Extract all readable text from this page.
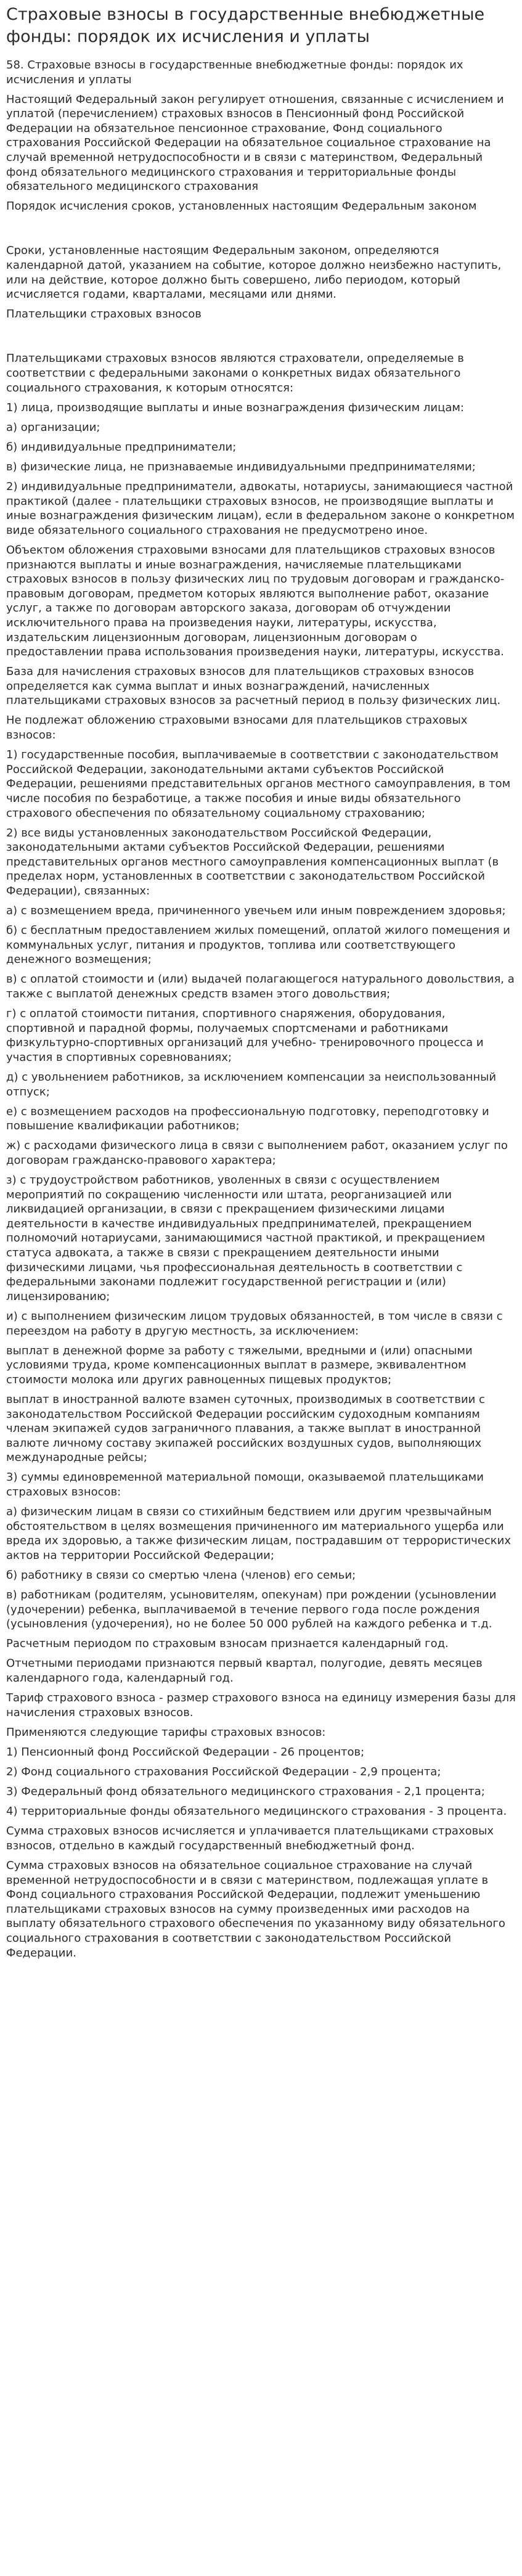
Страховые взносы в государственные внебюджетные фонды: порядок их исчисления и уплаты

58. Страховые взносы в государственные внебюджетные фонды: порядок их исчисления и уплаты

Настоящий Федеральный закон регулирует отношения, связанные с исчислением и уплатой (перечислением) страховых взносов в Пенсионный фонд Российской Федерации на обязательное пенсионное страхование, Фонд социального страхования Российской Федерации на обязательное социальное страхование на случай временной нетрудоспособности и в связи с материнством, Федеральный фонд обязательного медицинского страхования и территориальные фонды обязательного медицинского страхования

Порядок исчисления сроков, установленных настоящим Федеральным законом

Сроки, установленные настоящим Федеральным законом, определяются календарной датой, указанием на событие, которое должно неизбежно наступить, или на действие, которое должно быть совершено, либо периодом, который исчисляется годами, кварталами, месяцами или днями.

Плательщики страховых взносов

Плательщиками страховых взносов являются страхователи, определяемые в соответствии с федеральными законами о конкретных видах обязательного социального страхования, к которым относятся:

1) лица, производящие выплаты и иные вознаграждения физическим лицам:

а) организации;

б) индивидуальные предприниматели;

в) физические лица, не признаваемые индивидуальными предпринимателями;

2) индивидуальные предприниматели, адвокаты, нотариусы, занимающиеся частной практикой (далее - плательщики страховых взносов, не производящие выплаты и иные вознаграждения физическим лицам), если в федеральном законе о конкретном виде обязательного социального страхования не предусмотрено иное.

Объектом обложения страховыми взносами для плательщиков страховых взносов признаются выплаты и иные вознаграждения, начисляемые плательщиками страховых взносов в пользу физических лиц по трудовым договорам и гражданско-правовым договорам, предметом которых являются выполнение работ, оказание услуг, а также по договорам авторского заказа, договорам об отчуждении исключительного права на произведения науки, литературы, искусства, издательским лицензионным договорам, лицензионным договорам о предоставлении права использования произведения науки, литературы, искусства.

База для начисления страховых взносов для плательщиков страховых взносов определяется как сумма выплат и иных вознаграждений, начисленных плательщиками страховых взносов за расчетный период в пользу физических лиц.

Не подлежат обложению страховыми взносами для плательщиков страховых взносов:

1) государственные пособия, выплачиваемые в соответствии с законодательством Российской Федерации, законодательными актами субъектов Российской Федерации, решениями представительных органов местного самоуправления, в том числе пособия по безработице, а также пособия и иные виды обязательного страхового обеспечения по обязательному социальному страхованию;

2) все виды установленных законодательством Российской Федерации, законодательными актами субъектов Российской Федерации, решениями представительных органов местного самоуправления компенсационных выплат (в пределах норм, установленных в соответствии с законодательством Российской Федерации), связанных:

а) с возмещением вреда, причиненного увечьем или иным повреждением здоровья;

б) с бесплатным предоставлением жилых помещений, оплатой жилого помещения и коммунальных услуг, питания и продуктов, топлива или соответствующего денежного возмещения;

в) с оплатой стоимости и (или) выдачей полагающегося натурального довольствия, а также с выплатой денежных средств взамен этого довольствия;

г) с оплатой стоимости питания, спортивного снаряжения, оборудования, спортивной и парадной формы, получаемых спортсменами и работниками физкультурно-спортивных организаций для учебно- тренировочного процесса и участия в спортивных соревнованиях;

д) с увольнением работников, за исключением компенсации за неиспользованный отпуск;

е) с возмещением расходов на профессиональную подготовку, переподготовку и повышение квалификации работников;

ж) с расходами физического лица в связи с выполнением работ, оказанием услуг по договорам гражданско-правового характера;

з) с трудоустройством работников, уволенных в связи с осуществлением мероприятий по сокращению численности или штата, реорганизацией или ликвидацией организации, в связи с прекращением физическими лицами деятельности в качестве индивидуальных предпринимателей, прекращением полномочий нотариусами, занимающимися частной практикой, и прекращением статуса адвоката, а также в связи с прекращением деятельности иными физическими лицами, чья профессиональная деятельность в соответствии с федеральными законами подлежит государственной регистрации и (или) лицензированию;

и) с выполнением физическим лицом трудовых обязанностей, в том числе в связи с переездом на работу в другую местность, за исключением:

выплат в денежной форме за работу с тяжелыми, вредными и (или) опасными условиями труда, кроме компенсационных выплат в размере, эквивалентном стоимости молока или других равноценных пищевых продуктов;

выплат в иностранной валюте взамен суточных, производимых в соответствии с законодательством Российской Федерации российским судоходным компаниям членам экипажей судов заграничного плавания, а также выплат в иностранной валюте личному составу экипажей российских воздушных судов, выполняющих международные рейсы;

3) суммы единовременной материальной помощи, оказываемой плательщиками страховых взносов:

а) физическим лицам в связи со стихийным бедствием или другим чрезвычайным обстоятельством в целях возмещения причиненного им материального ущерба или вреда их здоровью, а также физическим лицам, пострадавшим от террористических актов на территории Российской Федерации;

б) работнику в связи со смертью члена (членов) его семьи;

в) работникам (родителям, усыновителям, опекунам) при рождении (усыновлении (удочерении) ребенка, выплачиваемой в течение первого года после рождения (усыновления (удочерения), но не более 50 000 рублей на каждого ребенка и т.д.

Расчетным периодом по страховым взносам признается календарный год.

Отчетными периодами признаются первый квартал, полугодие, девять месяцев календарного года, календарный год.

Тариф страхового взноса - размер страхового взноса на единицу измерения базы для начисления страховых взносов.

Применяются следующие тарифы страховых взносов:

1) Пенсионный фонд Российской Федерации - 26 процентов;

2) Фонд социального страхования Российской Федерации - 2,9 процента;

3) Федеральный фонд обязательного медицинского страхования - 2,1 процента;

4) территориальные фонды обязательного медицинского страхования - 3 процента.

Сумма страховых взносов исчисляется и уплачивается плательщиками страховых взносов, отдельно в каждый государственный внебюджетный фонд.

Сумма страховых взносов на обязательное социальное страхование на случай временной нетрудоспособности и в связи с материнством, подлежащая уплате в Фонд социального страхования Российской Федерации, подлежит уменьшению плательщиками страховых взносов на сумму произведенных ими расходов на выплату обязательного страхового обеспечения по указанному виду обязательного социального страхования в соответствии с законодательством Российской Федерации.
